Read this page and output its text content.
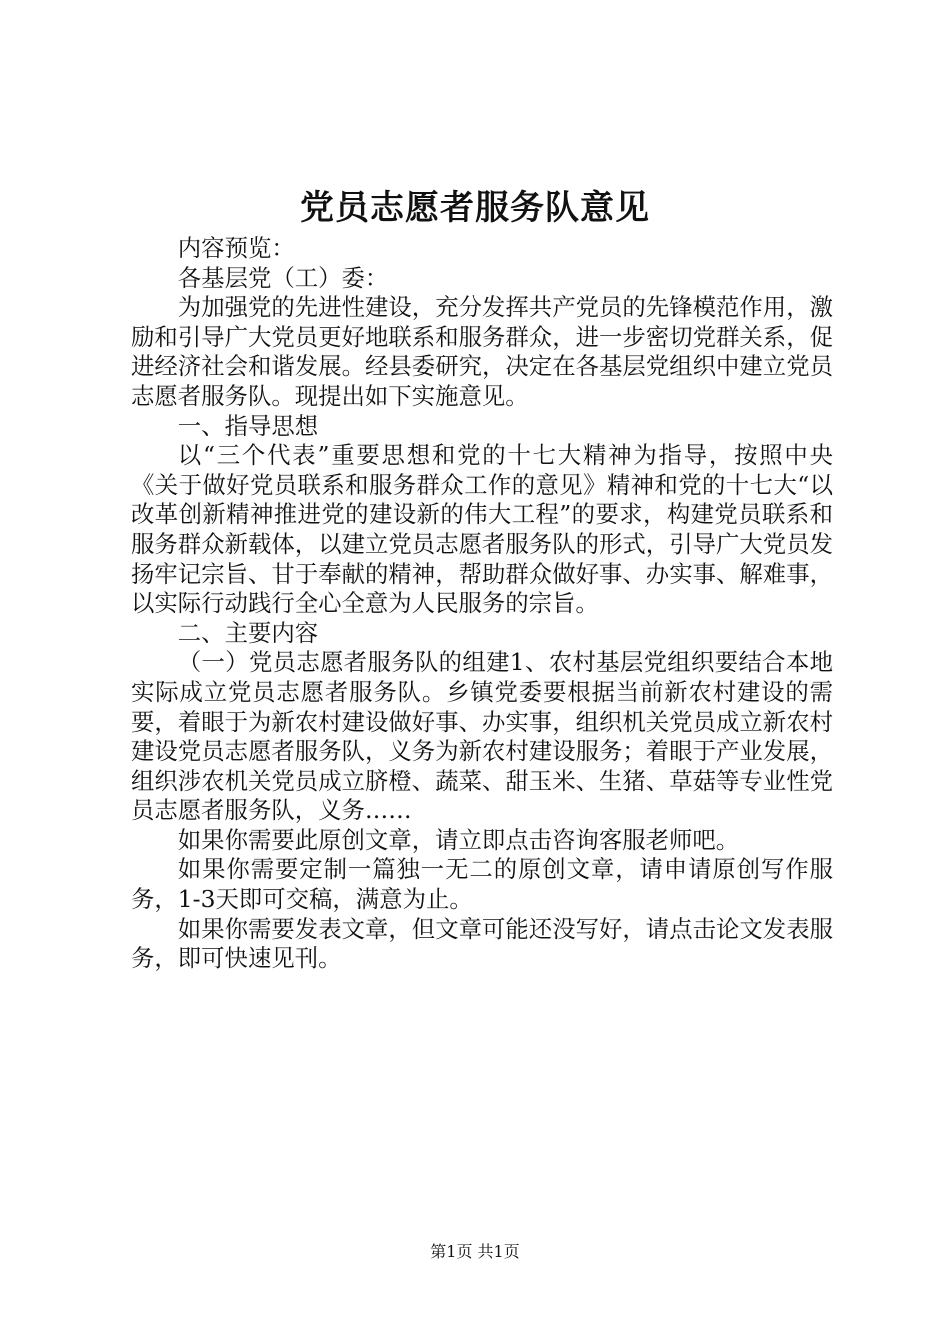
党员志愿者服务队意见

内容预览：

各基层党（工）委：

为加强党的先进性建设，充分发挥共产党员的先锋模范作用，激励和引导广大党员更好地联系和服务群众，进一步密切党群关系，促进经济社会和谐发展。经县委研究，决定在各基层党组织中建立党员志愿者服务队。现提出如下实施意见。

一、指导思想

以“三个代表”重要思想和党的十七大精神为指导，按照中央《关于做好党员联系和服务群众工作的意见》精神和党的十七大“以改革创新精神推进党的建设新的伟大工程”的要求，构建党员联系和服务群众新载体，以建立党员志愿者服务队的形式，引导广大党员发扬牢记宗旨、甘于奉献的精神，帮助群众做好事、办实事、解难事，以实际行动践行全心全意为人民服务的宗旨。

二、主要内容

（一）党员志愿者服务队的组建1、农村基层党组织要结合本地实际成立党员志愿者服务队。乡镇党委要根据当前新农村建设的需要，着眼于为新农村建设做好事、办实事，组织机关党员成立新农村建设党员志愿者服务队，义务为新农村建设服务；着眼于产业发展，组织涉农机关党员成立脐橙、蔬菜、甜玉米、生猪、草菇等专业性党员志愿者服务队，义务……

如果你需要此原创文章，请立即点击咨询客服老师吧。

如果你需要定制一篇独一无二的原创文章，请申请原创写作服务，1-3天即可交稿，满意为止。

如果你需要发表文章，但文章可能还没写好，请点击论文发表服务，即可快速见刊。

第1页 共1页
